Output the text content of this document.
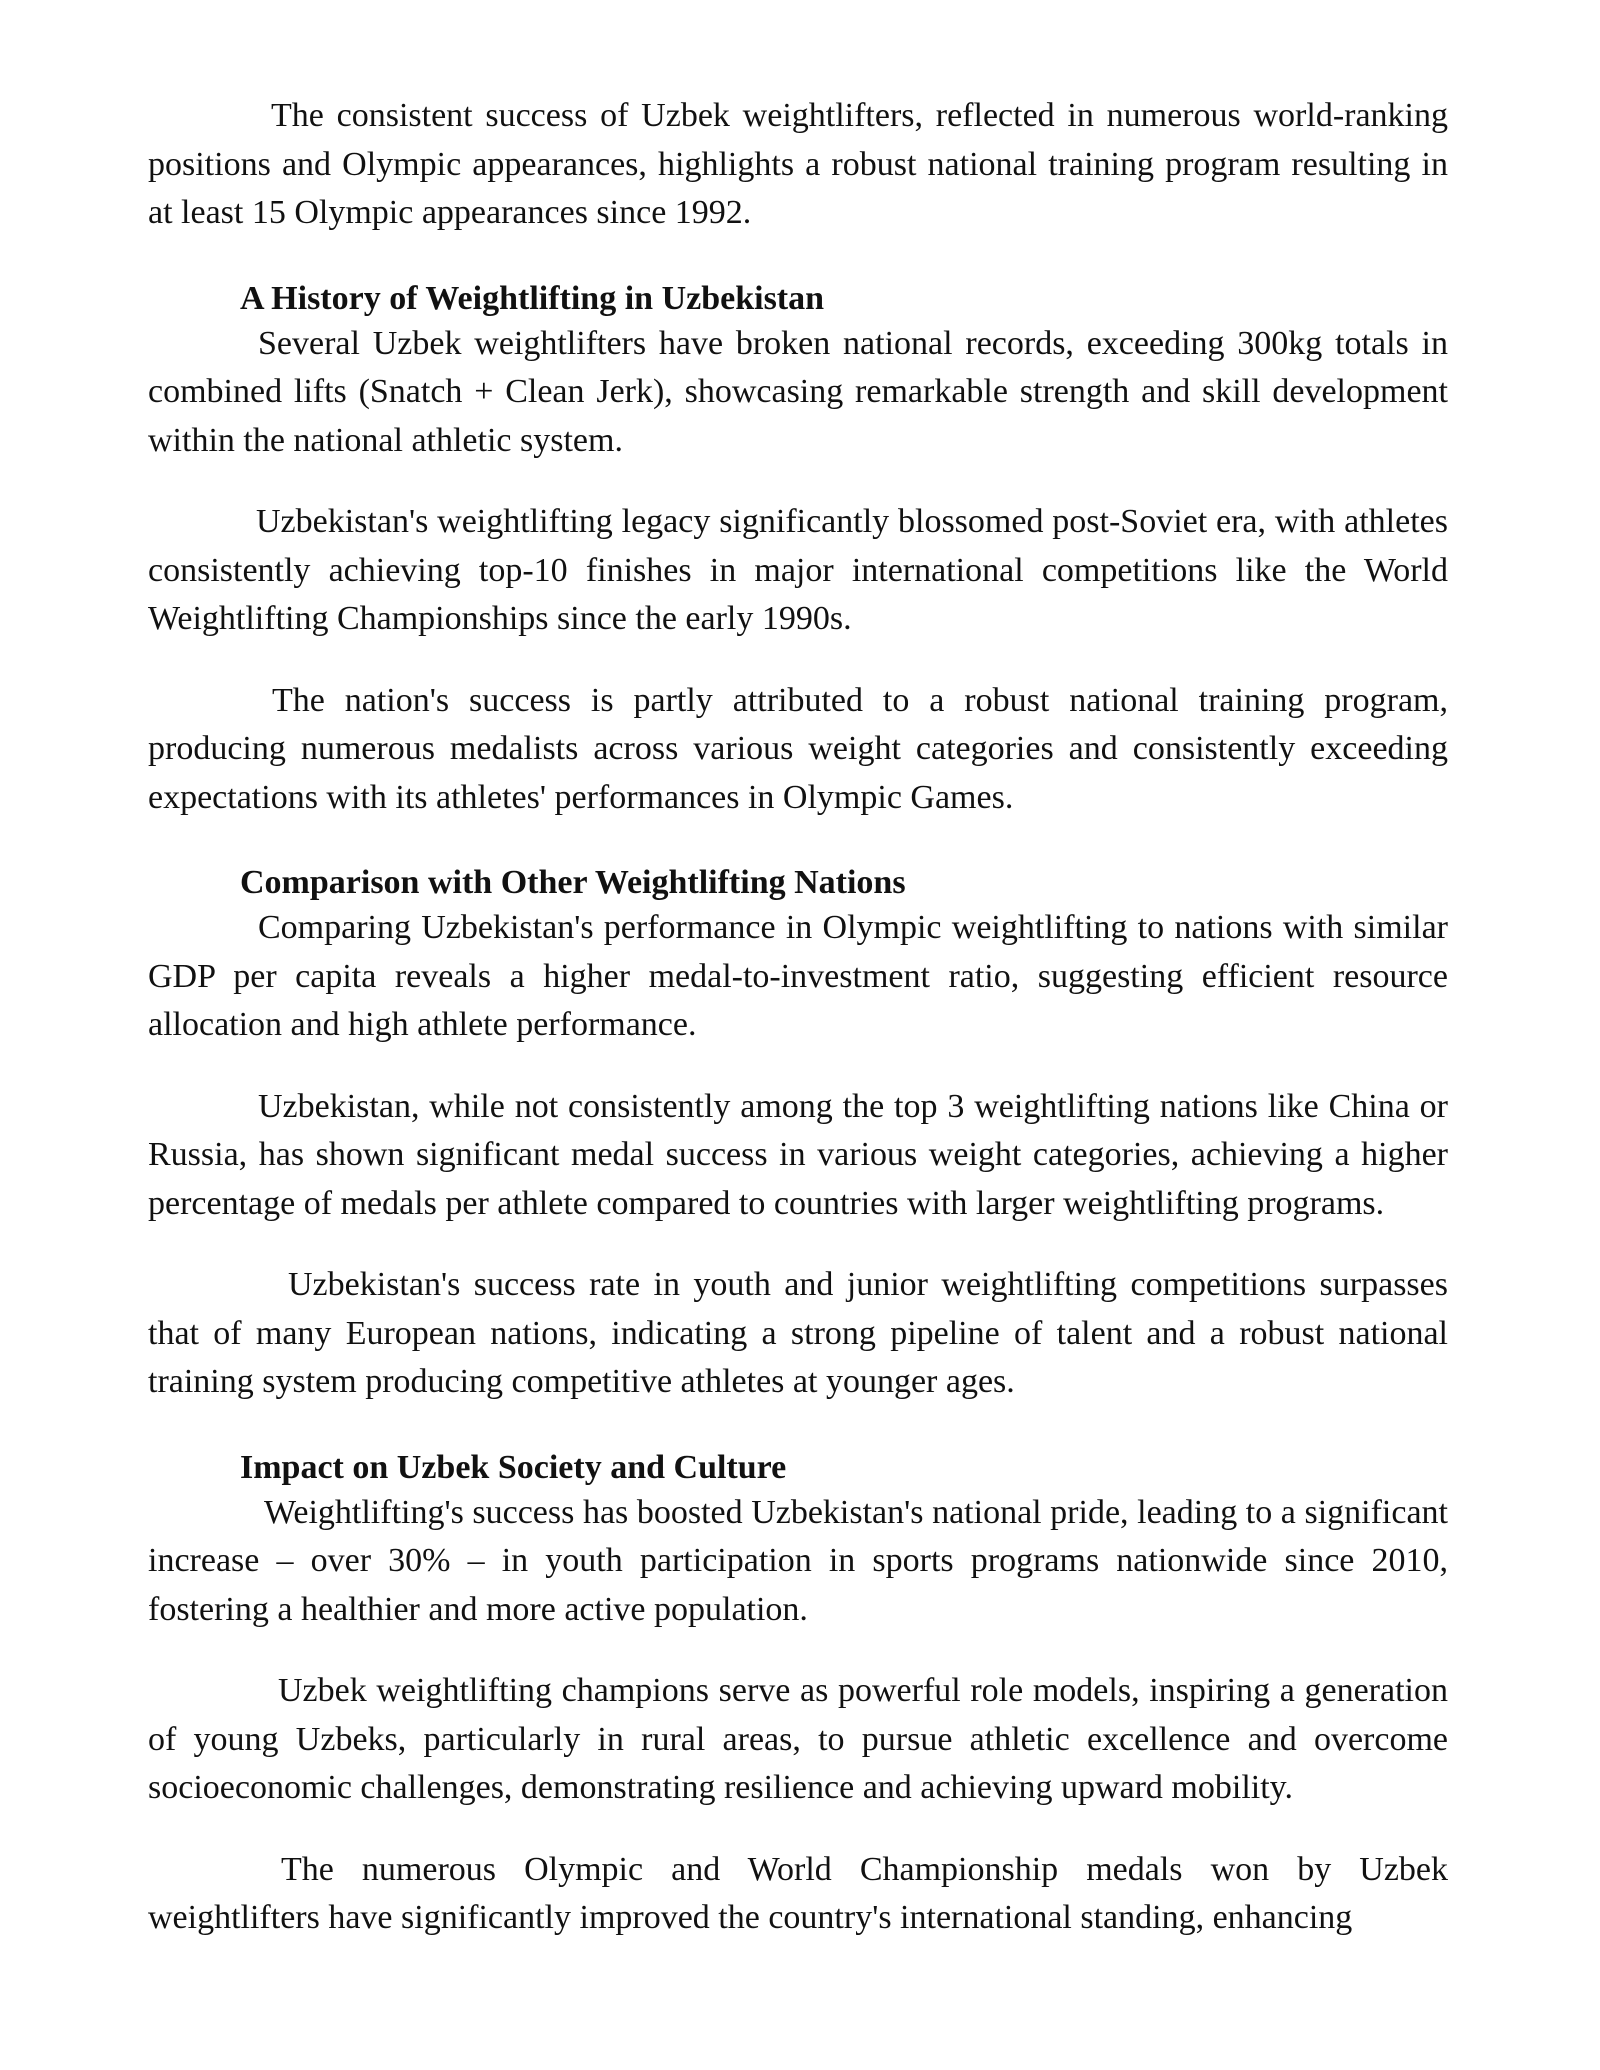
The consistent success of Uzbek weightlifters, reflected in numerous world-ranking positions and Olympic appearances, highlights a robust national training program resulting in at least 15 Olympic appearances since 1992.

A History of Weightlifting in Uzbekistan

Several Uzbek weightlifters have broken national records, exceeding 300kg totals in combined lifts (Snatch + Clean Jerk), showcasing remarkable strength and skill development within the national athletic system.

Uzbekistan's weightlifting legacy significantly blossomed post-Soviet era, with athletes consistently achieving top-10 finishes in major international competitions like the World Weightlifting Championships since the early 1990s.

The nation's success is partly attributed to a robust national training program, producing numerous medalists across various weight categories and consistently exceeding expectations with its athletes' performances in Olympic Games.

Comparison with Other Weightlifting Nations

Comparing Uzbekistan's performance in Olympic weightlifting to nations with similar GDP per capita reveals a higher medal-to-investment ratio, suggesting efficient resource allocation and high athlete performance.

Uzbekistan, while not consistently among the top 3 weightlifting nations like China or Russia, has shown significant medal success in various weight categories, achieving a higher percentage of medals per athlete compared to countries with larger weightlifting programs.

Uzbekistan's success rate in youth and junior weightlifting competitions surpasses that of many European nations, indicating a strong pipeline of talent and a robust national training system producing competitive athletes at younger ages.

Impact on Uzbek Society and Culture

Weightlifting's success has boosted Uzbekistan's national pride, leading to a significant increase – over 30% – in youth participation in sports programs nationwide since 2010, fostering a healthier and more active population.

Uzbek weightlifting champions serve as powerful role models, inspiring a generation of young Uzbeks, particularly in rural areas, to pursue athletic excellence and overcome socioeconomic challenges, demonstrating resilience and achieving upward mobility.

The numerous Olympic and World Championship medals won by Uzbek weightlifters have significantly improved the country's international standing, enhancing
